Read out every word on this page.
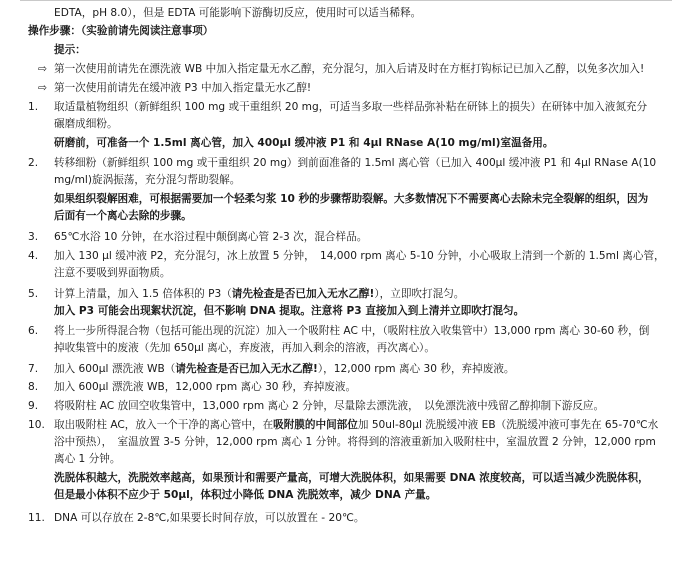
EDTA，pH 8.0），但是 EDTA 可能影响下游酶切反应，使用时可以适当稀释。
操作步骤：（实验前请先阅读注意事项）
提示：
⇨ 第一次使用前请先在漂洗液 WB 中加入指定量无水乙醇，充分混匀，加入后请及时在方框打钩标记已加入乙醇，以免多次加入!
⇨ 第一次使用前请先在缓冲液 P3 中加入指定量无水乙醇!
1.	取适量植物组织（新鲜组织 100 mg 或干重组织 20 mg，可适当多取一些样品弥补粘在研钵上的损失）在研钵中加入液氮充分
碾磨成细粉。
研磨前，可准备一个 1.5ml 离心管，加入 400μl 缓冲液 P1 和 4μl RNase A(10 mg/ml)室温备用。
2.	转移细粉（新鲜组织 100 mg 或干重组织 20 mg）到前面准备的 1.5ml 离心管（已加入 400μl 缓冲液 P1 和 4μl RNase A(10
mg/ml)旋涡振荡，充分混匀帮助裂解。
如果组织裂解困难，可根据需要加一个轻柔匀浆 10 秒的步骤帮助裂解。大多数情况下不需要离心去除未完全裂解的组织，因为
后面有一个离心去除的步骤。
3.	65℃水浴 10 分钟，在水浴过程中颠倒离心管 2-3 次，混合样品。
4.	加入 130 μl 缓冲液 P2，充分混匀，冰上放置 5 分钟，　14,000 rpm 离心 5-10 分钟，小心吸取上清到一个新的 1.5ml 离心管，
注意不要吸到界面物质。
5.	计算上清量，加入 1.5 倍体积的 P3（请先检查是否已加入无水乙醇!），立即吹打混匀。
加入 P3 可能会出现絮状沉淀，但不影响 DNA 提取。注意将 P3 直接加入到上清并立即吹打混匀。
6.	将上一步所得混合物（包括可能出现的沉淀）加入一个吸附柱 AC 中，（吸附柱放入收集管中）13,000 rpm 离心 30-60 秒，倒
掉收集管中的废液（先加 650μl 离心，弃废液，再加入剩余的溶液，再次离心）。
7.	加入 600μl 漂洗液 WB（请先检查是否已加入无水乙醇!），12,000 rpm 离心 30 秒，弃掉废液。
8.	加入 600μl 漂洗液 WB，12,000 rpm 离心 30 秒，弃掉废液。
9.	将吸附柱 AC 放回空收集管中，13,000 rpm 离心 2 分钟，尽量除去漂洗液，　以免漂洗液中残留乙醇抑制下游反应。
10. 取出吸附柱 AC，放入一个干净的离心管中，在吸附膜的中间部位加 50ul-80μl 洗脱缓冲液 EB（洗脱缓冲液可事先在 65-70℃水
浴中预热），　室温放置 3-5 分钟，12,000 rpm 离心 1 分钟。将得到的溶液重新加入吸附柱中，室温放置 2 分钟，12,000 rpm
离心 1 分钟。
洗脱体积越大，洗脱效率越高，如果预计和需要产量高，可增大洗脱体积，如果需要 DNA 浓度较高，可以适当减少洗脱体积，
但是最小体积不应少于 50μl，体积过小降低 DNA 洗脱效率，减少 DNA 产量。
11. DNA 可以存放在 2-8℃,如果要长时间存放，可以放置在 - 20℃。
